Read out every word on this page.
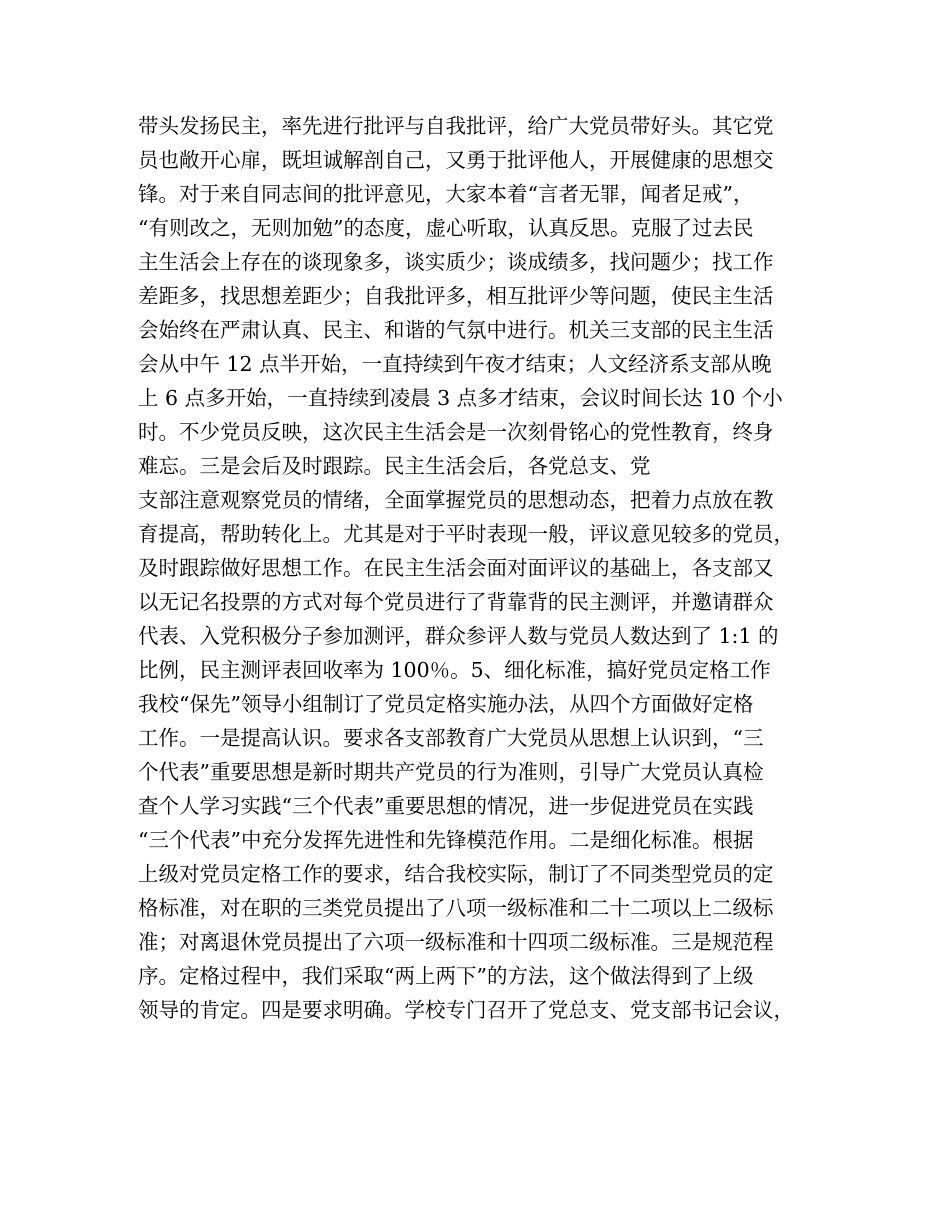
带头发扬民主，率先进行批评与自我批评，给广大党员带好头。其它党
员也敞开心扉，既坦诚解剖自己，又勇于批评他人，开展健康的思想交
锋。对于来自同志间的批评意见，大家本着“言者无罪，闻者足戒”，
“有则改之，无则加勉”的态度，虚心听取，认真反思。克服了过去民
主生活会上存在的谈现象多，谈实质少；谈成绩多，找问题少；找工作
差距多，找思想差距少；自我批评多，相互批评少等问题，使民主生活
会始终在严肃认真、民主、和谐的气氛中进行。机关三支部的民主生活
会从中午 12 点半开始，一直持续到午夜才结束；人文经济系支部从晚
上 6 点多开始，一直持续到凌晨 3 点多才结束，会议时间长达 10 个小
时。不少党员反映，这次民主生活会是一次刻骨铭心的党性教育，终身
难忘。三是会后及时跟踪。民主生活会后，各党总支、党
支部注意观察党员的情绪，全面掌握党员的思想动态，把着力点放在教
育提高，帮助转化上。尤其是对于平时表现一般，评议意见较多的党员，
及时跟踪做好思想工作。在民主生活会面对面评议的基础上，各支部又
以无记名投票的方式对每个党员进行了背靠背的民主测评，并邀请群众
代表、入党积极分子参加测评，群众参评人数与党员人数达到了 1:1 的
比例，民主测评表回收率为 100％。5、细化标准，搞好党员定格工作
我校“保先”领导小组制订了党员定格实施办法，从四个方面做好定格
工作。一是提高认识。要求各支部教育广大党员从思想上认识到，“三
个代表”重要思想是新时期共产党员的行为准则，引导广大党员认真检
查个人学习实践“三个代表”重要思想的情况，进一步促进党员在实践
“三个代表”中充分发挥先进性和先锋模范作用。二是细化标准。根据
上级对党员定格工作的要求，结合我校实际，制订了不同类型党员的定
格标准，对在职的三类党员提出了八项一级标准和二十二项以上二级标
准；对离退休党员提出了六项一级标准和十四项二级标准。三是规范程
序。定格过程中，我们采取“两上两下”的方法，这个做法得到了上级
领导的肯定。四是要求明确。学校专门召开了党总支、党支部书记会议，
